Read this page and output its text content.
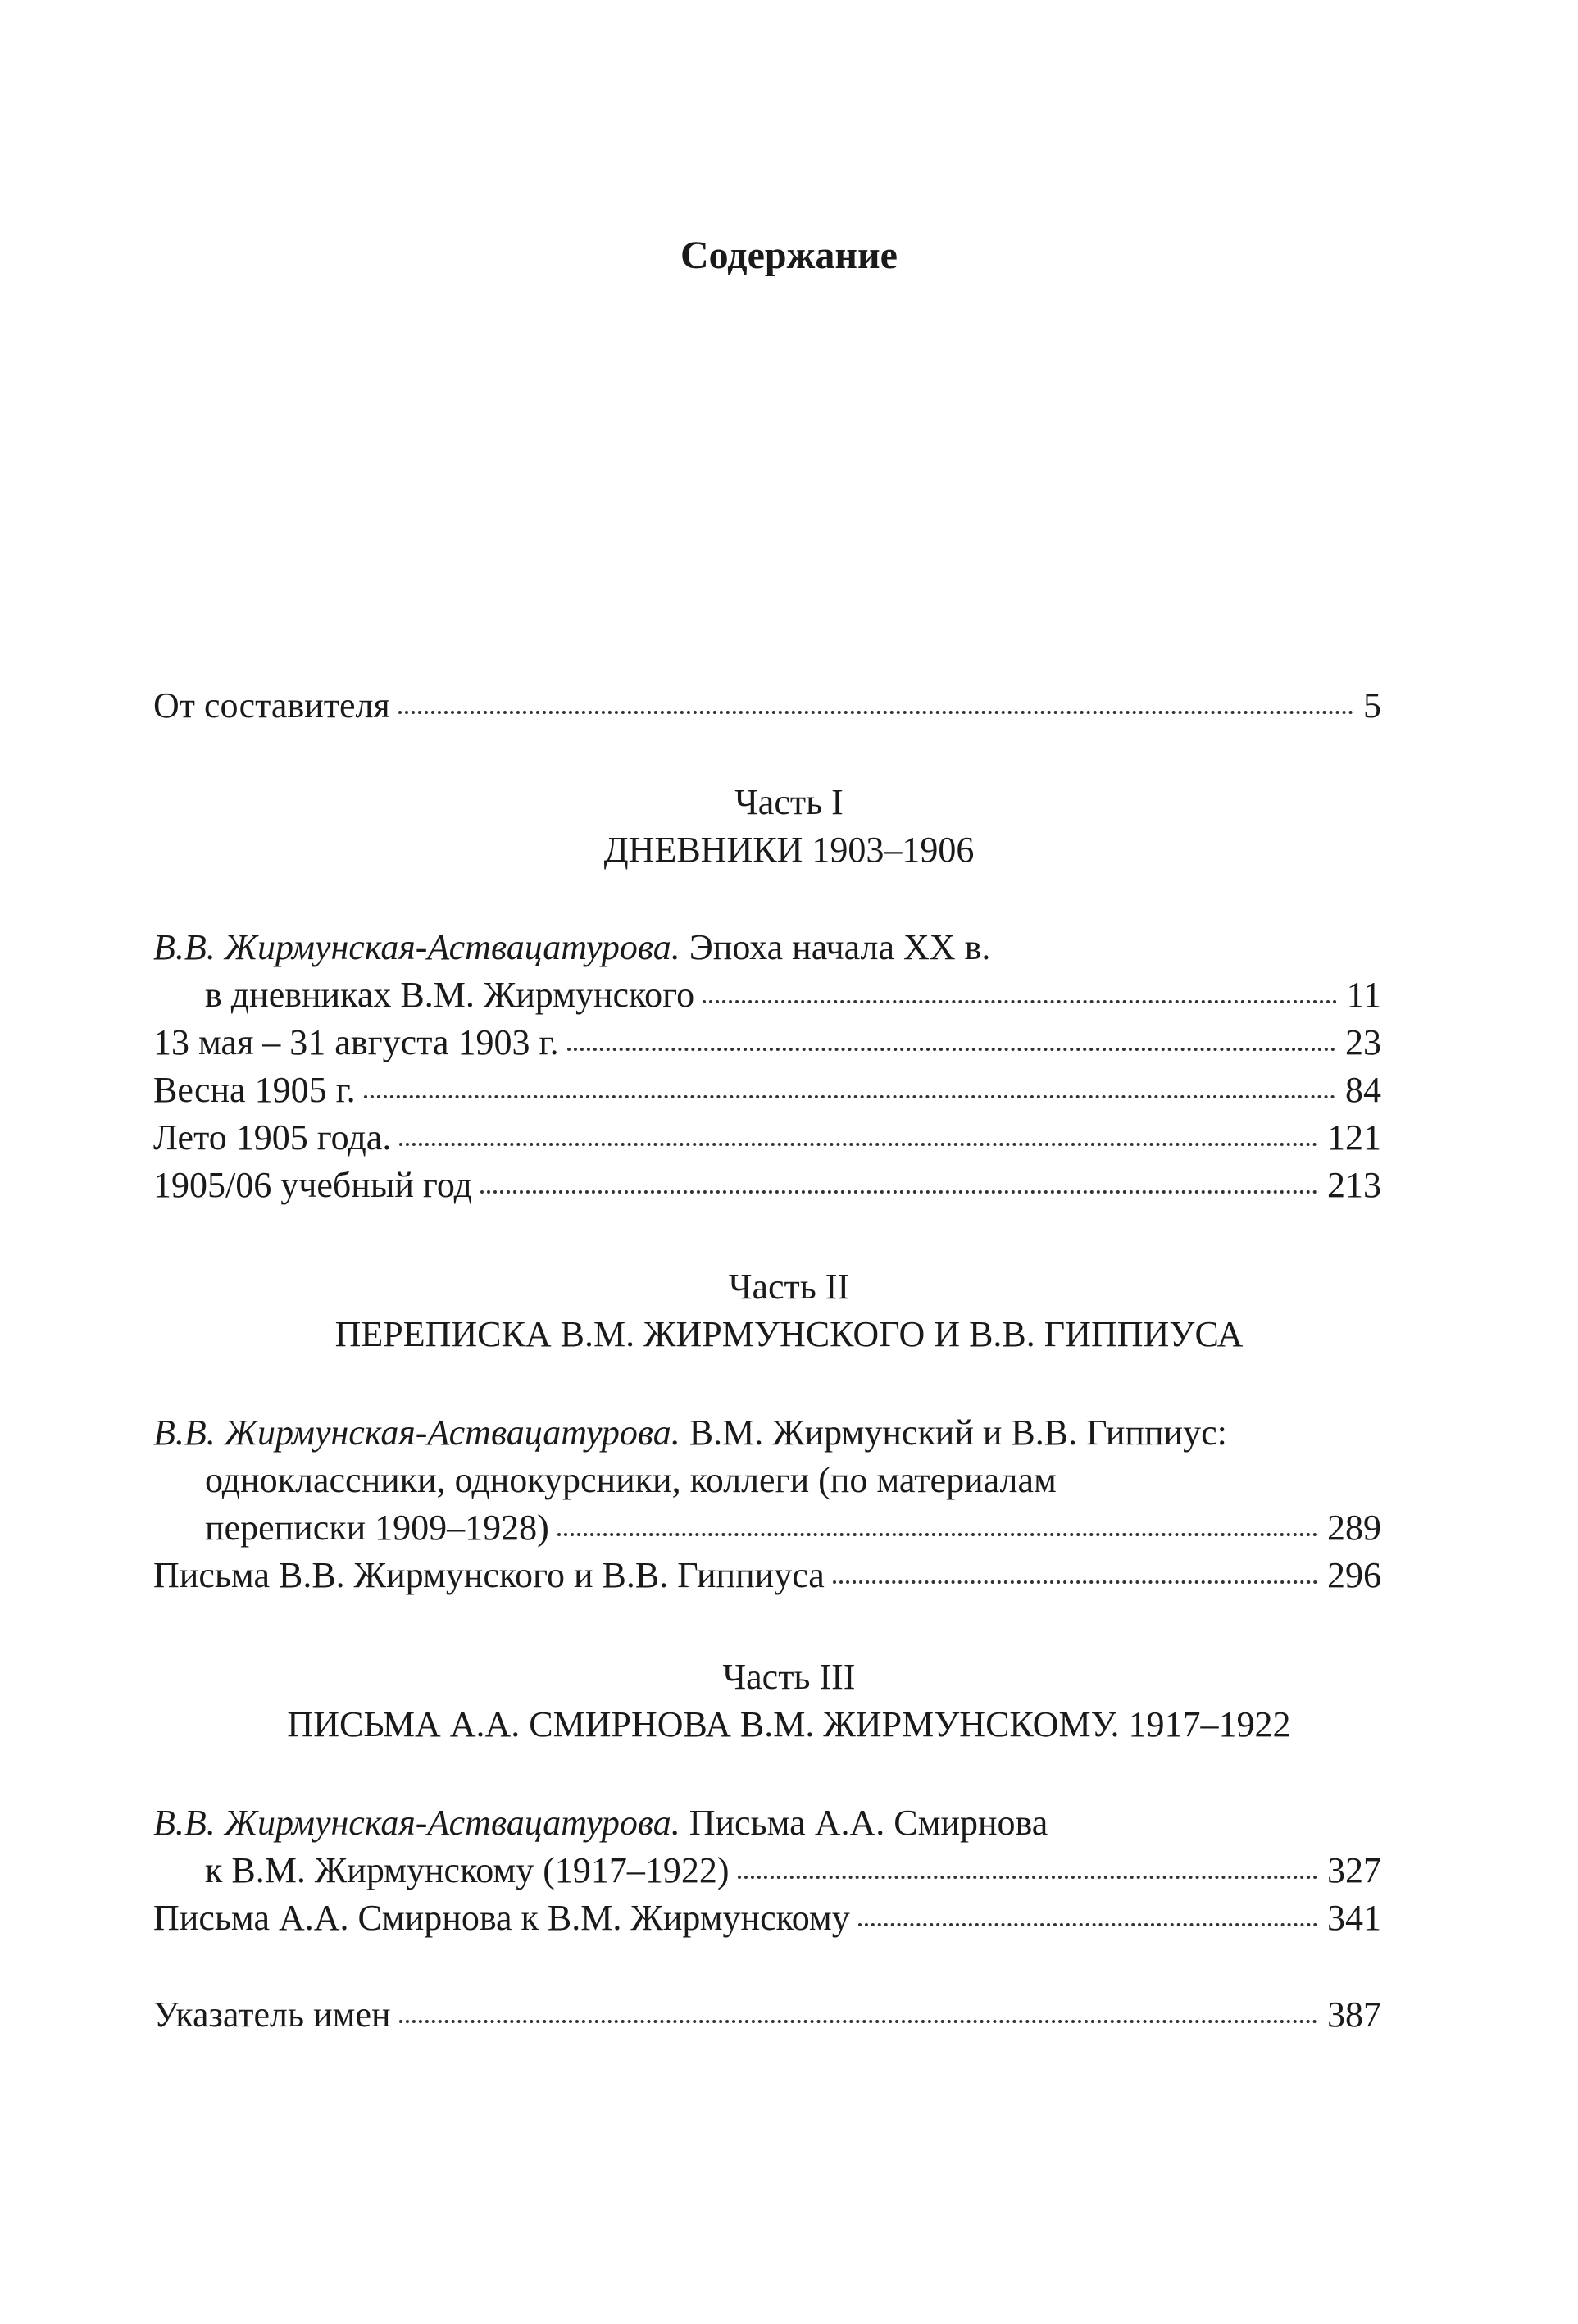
Содержание
От составителя	5
Часть I
ДНЕВНИКИ 1903–1906
В.В. Жирмунская-Аствацатурова. Эпоха начала XX в.
в дневниках В.М. Жирмунского	11
13 мая – 31 августа 1903 г.	23
Весна 1905 г.	84
Лето 1905 года.	121
1905/06 учебный год	213
Часть II
ПЕРЕПИСКА В.М. ЖИРМУНСКОГО И В.В. ГИППИУСА
В.В. Жирмунская-Аствацатурова. В.М. Жирмунский и В.В. Гиппиус:
одноклассники, однокурсники, коллеги (по материалам
переписки 1909–1928)	289
Письма В.В. Жирмунского и В.В. Гиппиуса	296
Часть III
ПИСЬМА А.А. СМИРНОВА В.М. ЖИРМУНСКОМУ. 1917–1922
В.В. Жирмунская-Аствацатурова. Письма А.А. Смирнова
к В.М. Жирмунскому (1917–1922)	327
Письма А.А. Смирнова к В.М. Жирмунскому	341
Указатель имен	387
